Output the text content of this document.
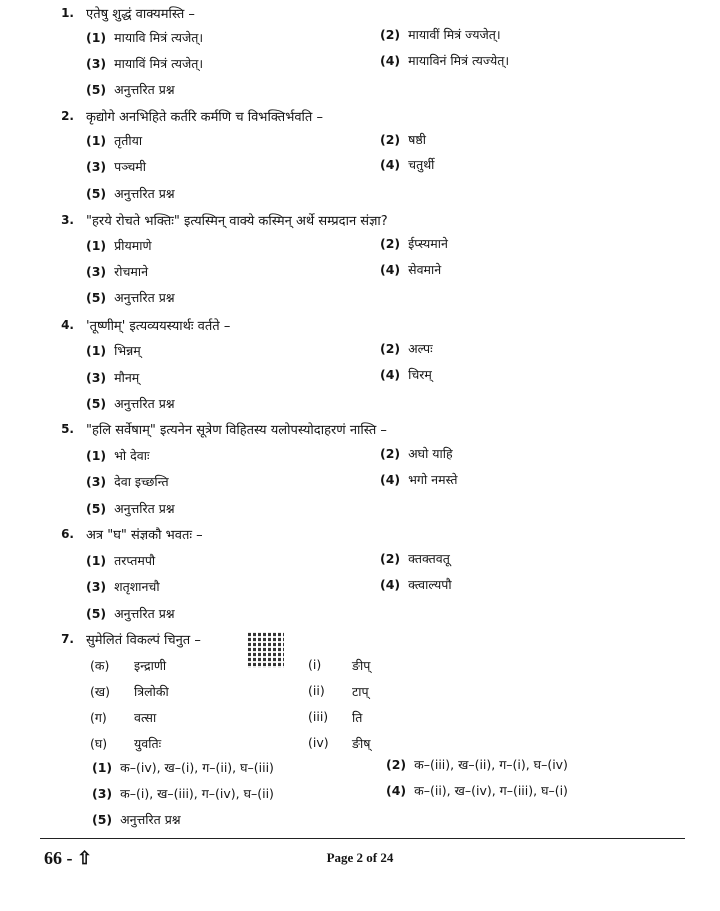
1. एतेषु शुद्धं वाक्यमस्ति –
(1) मायावि मित्रं त्यजेत्।	(2) मायावीं मित्रं ज्यजेत्।
(3) मायाविं मित्रं त्यजेत्।	(4) मायाविनं मित्रं त्यज्येत्।
(5) अनुत्तरित प्रश्न
2. कृद्योगे अनभिहिते कर्तरि कर्मणि च विभक्तिर्भवति –
(1) तृतीया	(2) षष्ठी
(3) पञ्चमी	(4) चतुर्थी
(5) अनुत्तरित प्रश्न
3. "हरये रोचते भक्तिः" इत्यस्मिन् वाक्ये कस्मिन् अर्थे सम्प्रदान संज्ञा?
(1) प्रीयमाणे	(2) ईप्स्यमाने
(3) रोचमाने	(4) सेवमाने
(5) अनुत्तरित प्रश्न
4. 'तूष्णीम्' इत्यव्ययस्यार्थः वर्तते –
(1) भिन्नम्	(2) अल्पः
(3) मौनम्	(4) चिरम्
(5) अनुत्तरित प्रश्न
5. "हलि सर्वेषाम्" इत्यनेन सूत्रेण विहितस्य यलोपस्योदाहरणं नास्ति –
(1) भो देवाः	(2) अघो याहि
(3) देवा इच्छन्ति	(4) भगो नमस्ते
(5) अनुत्तरित प्रश्न
6. अत्र "घ" संज्ञकौ भवतः –
(1) तरप्तमपौ	(2) क्तक्तवतू
(3) शतृशानचौ	(4) क्त्वाल्यपौ
(5) अनुत्तरित प्रश्न
7. सुमेलितं विकल्पं चिनुत –
(क) इन्द्राणी	(i) ङीप्
(ख) त्रिलोकी	(ii) टाप्
(ग) वत्सा	(iii) ति
(घ) युवतिः	(iv) ङीष्
(1) क–(iv), ख–(i), ग–(ii), घ–(iii)	(2) क–(iii), ख–(ii), ग–(i), घ–(iv)
(3) क–(i), ख–(iii), ग–(iv), घ–(ii)	(4) क–(ii), ख–(iv), ग–(iii), घ–(i)
(5) अनुत्तरित प्रश्न
66 - ⇧	Page 2 of 24
